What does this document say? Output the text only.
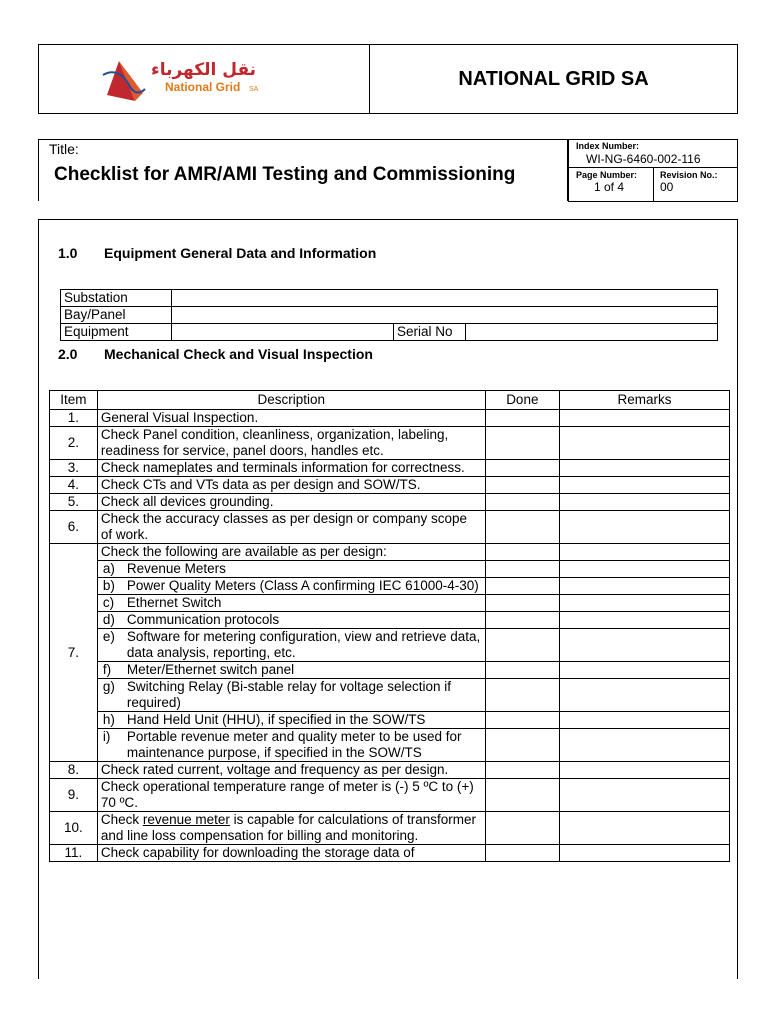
نقل الكهرباء
National Grid SA	NATIONAL GRID SA
Title:
Checklist for AMR/AMI Testing and Commissioning
Index Number:
WI-NG-6460-002-116
Page Number:
1 of 4
Revision No.:
00
1.0 Equipment General Data and Information
Substation			
Bay/Panel			
Equipment		Serial No	
2.0 Mechanical Check and Visual Inspection
Item	Description	Done	Remarks
1.	General Visual Inspection.		
2.	Check Panel condition, cleanliness, organization, labeling, readiness for service, panel doors, handles etc.		
3.	Check nameplates and terminals information for correctness.		
4.	Check CTs and VTs data as per design and SOW/TS.		
5.	Check all devices grounding.		
6.	Check the accuracy classes as per design or company scope of work.		
7.	Check the following are available as per design:		

	a) Revenue Meters		

	b) Power Quality Meters (Class A confirming IEC 61000-4-30)		

	c) Ethernet Switch		

	d) Communication protocols		

	e) Software for metering configuration, view and retrieve data, data analysis, reporting, etc.		

	f) Meter/Ethernet switch panel		

	g) Switching Relay (Bi-stable relay for voltage selection if required)		

	h) Hand Held Unit (HHU), if specified in the SOW/TS		

	i) Portable revenue meter and quality meter to be used for maintenance purpose, if specified in the SOW/TS		

8.	Check rated current, voltage and frequency as per design.		
9.	Check operational temperature range of meter is (-) 5 ºC to (+) 70 ºC.		
10.	Check revenue meter is capable for calculations of transformer and line loss compensation for billing and monitoring.		
11.	Check capability for downloading the storage data of		
